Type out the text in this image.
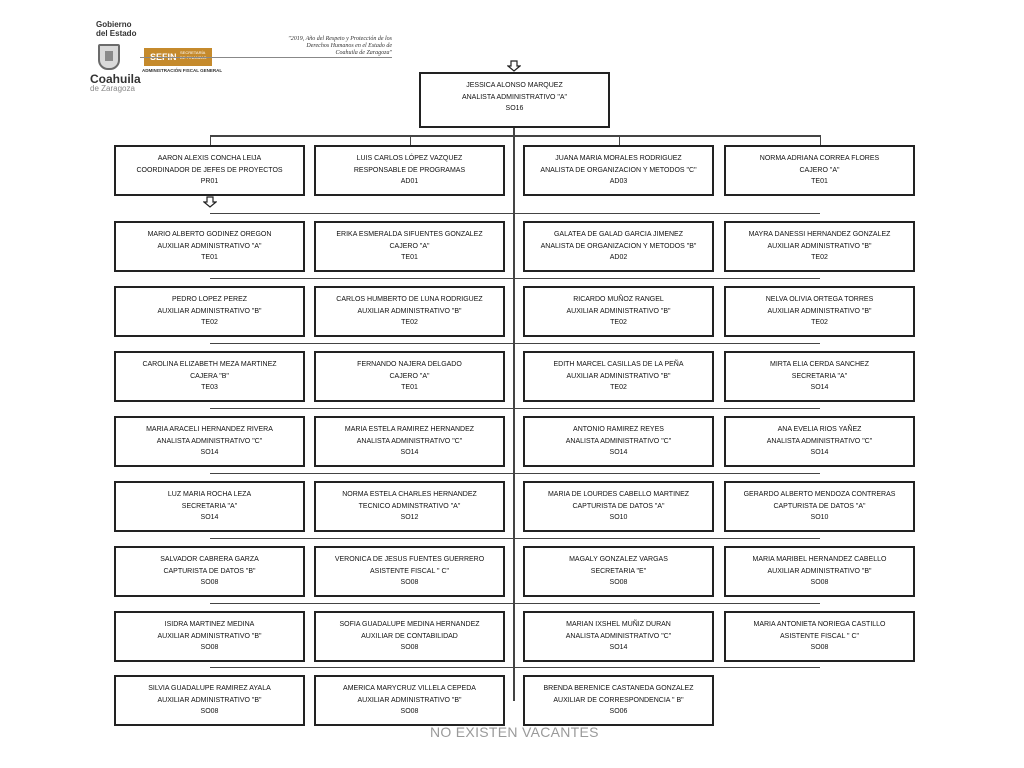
Gobierno
del Estado
Coahuila
de Zaragoza
SEFIN SECRETARÍA DE FINANZAS
ADMINISTRACIÓN FISCAL GENERAL
"2019, Año del Respeto y Protección de los
Derechos Humanos en el Estado de
Coahuila de Zaragoza"
JESSICA ALONSO MARQUEZ
ANALISTA ADMINISTRATIVO "A"
SO16
AARON ALEXIS CONCHA LEIJA
COORDINADOR DE JEFES DE PROYECTOS
PR01
LUIS CARLOS LÓPEZ VAZQUEZ
RESPONSABLE DE PROGRAMAS
AD01
JUANA MARIA MORALES RODRIGUEZ
ANALISTA DE ORGANIZACION Y METODOS "C"
AD03
NORMA ADRIANA CORREA FLORES
CAJERO "A"
TE01
MARIO ALBERTO GODINEZ OREGON
AUXILIAR ADMINISTRATIVO "A"
TE01
ERIKA ESMERALDA SIFUENTES GONZALEZ
CAJERO "A"
TE01
GALATEA DE GALAD GARCIA JIMENEZ
ANALISTA DE ORGANIZACION Y METODOS "B"
AD02
MAYRA DANESSI HERNANDEZ GONZALEZ
AUXILIAR ADMINISTRATIVO "B"
TE02
PEDRO LOPEZ PEREZ
AUXILIAR ADMINISTRATIVO "B"
TE02
CARLOS HUMBERTO DE LUNA RODRIGUEZ
AUXILIAR ADMINISTRATIVO "B"
TE02
RICARDO MUÑOZ RANGEL
AUXILIAR ADMINISTRATIVO "B"
TE02
NELVA OLIVIA ORTEGA TORRES
AUXILIAR ADMINISTRATIVO "B"
TE02
CAROLINA ELIZABETH MEZA MARTINEZ
CAJERA "B"
TE03
FERNANDO NAJERA DELGADO
CAJERO "A"
TE01
EDITH MARCEL CASILLAS DE LA PEÑA
AUXILIAR ADMINISTRATIVO "B"
TE02
MIRTA ELIA CERDA SANCHEZ
SECRETARIA "A"
SO14
MARIA ARACELI HERNANDEZ RIVERA
ANALISTA ADMINISTRATIVO "C"
SO14
MARIA ESTELA RAMIREZ HERNANDEZ
ANALISTA ADMINISTRATIVO "C"
SO14
ANTONIO RAMIREZ REYES
ANALISTA ADMINISTRATIVO "C"
SO14
ANA EVELIA RIOS YAÑEZ
ANALISTA ADMINISTRATIVO "C"
SO14
LUZ MARIA ROCHA LEZA
SECRETARIA "A"
SO14
NORMA ESTELA CHARLES HERNANDEZ
TECNICO ADMINSTRATIVO "A"
SO12
MARIA DE LOURDES CABELLO MARTINEZ
CAPTURISTA DE DATOS "A"
SO10
GERARDO ALBERTO MENDOZA CONTRERAS
CAPTURISTA DE DATOS "A"
SO10
SALVADOR CABRERA GARZA
CAPTURISTA DE DATOS "B"
SO08
VERONICA DE JESUS FUENTES GUERRERO
ASISTENTE FISCAL " C"
SO08
MAGALY GONZALEZ VARGAS
SECRETARIA "E"
SO08
MARIA MARIBEL HERNANDEZ CABELLO
AUXILIAR ADMINISTRATIVO "B"
SO08
ISIDRA MARTINEZ MEDINA
AUXILIAR ADMINISTRATIVO "B"
SO08
SOFIA GUADALUPE MEDINA HERNANDEZ
AUXILIAR DE CONTABILIDAD
SO08
MARIAN IXSHEL MUÑIZ DURAN
ANALISTA ADMINISTRATIVO "C"
SO14
MARIA ANTONIETA NORIEGA CASTILLO
ASISTENTE FISCAL " C"
SO08
SILVIA GUADALUPE RAMIREZ AYALA
AUXILIAR ADMINISTRATIVO "B"
SO08
AMERICA MARYCRUZ VILLELA CEPEDA
AUXILIAR ADMINISTRATIVO "B"
SO08
BRENDA BERENICE CASTANEDA GONZALEZ
AUXILIAR DE CORRESPONDENCIA " B"
SO06
NO EXISTEN VACANTES
